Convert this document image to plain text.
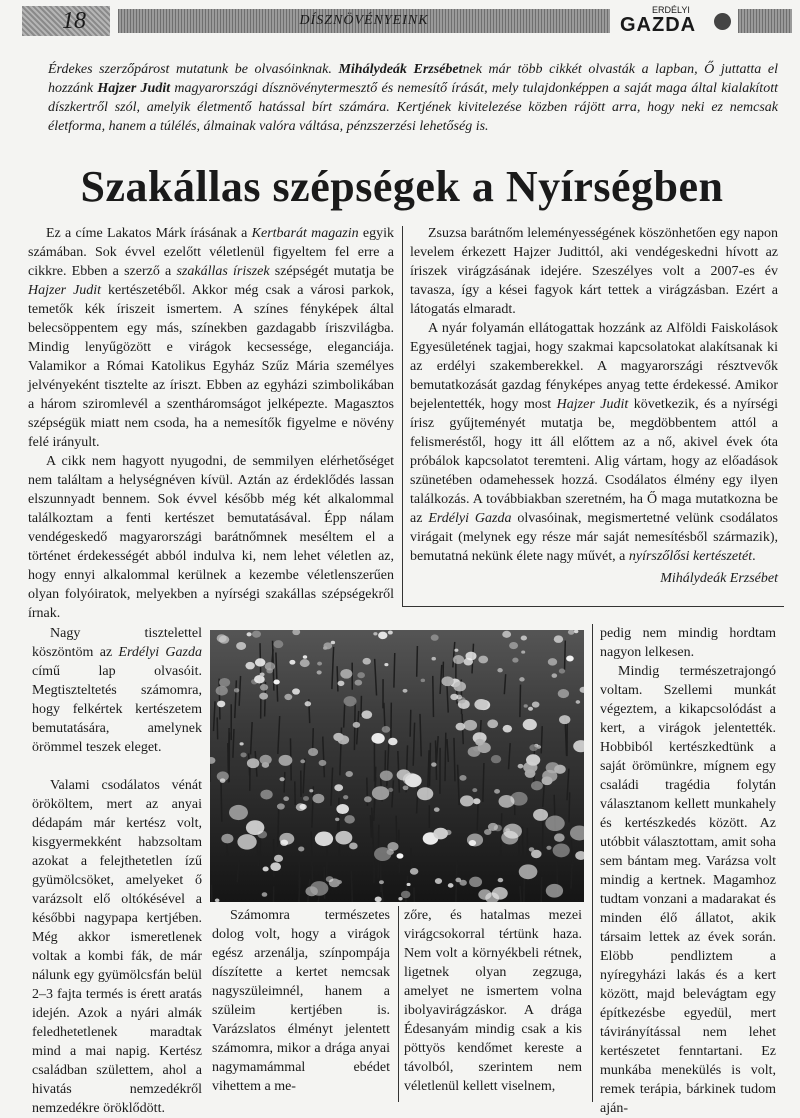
18	DÍSZNÖVÉNYEINK
ERDÉLYI
GAZDA
Érdekes szerzőpárost mutatunk be olvasóinknak. Mihálydeák Erzsébetnek már több cikkét olvasták a lapban, Ő juttatta el hozzánk Hajzer Judit magyarországi dísznövénytermesztő és nemesítő írását, mely tulajdonképpen a saját maga által kialakított díszkertről szól, amelyik életmentő hatással bírt számára. Kertjének kivitelezése közben rájött arra, hogy neki ez nemcsak életforma, hanem a túlélés, álmainak valóra váltása, pénzszerzési lehetőség is.
Szakállas szépségek a Nyírségben

Ez a címe Lakatos Márk írásának a Kertbarát magazin egyik számában. Sok évvel ezelőtt véletlenül figyeltem fel erre a cikkre. Ebben a szerző a szakállas íriszek szépségét mutatja be Hajzer Judit kertészetéből. Akkor még csak a városi parkok, temetők kék íriszeit ismertem. A színes fényképek által belecsöppentem egy más, színekben gazdagabb íriszvilágba. Mindig lenyűgözött e virágok kecsessége, eleganciája. Valamikor a Római Katolikus Egyház Szűz Mária személyes jelvényeként tisztelte az íriszt. Ebben az egyházi szimbolikában a három sziromlevél a szentháromságot jelképezte. Magasztos szépségük miatt nem csoda, ha a nemesítők figyelme e növény felé irányult.

A cikk nem hagyott nyugodni, de semmilyen elérhetőséget nem találtam a helységnéven kívül. Aztán az érdeklődés lassan elszunnyadt bennem. Sok évvel később még két alkalommal találkoztam a fenti kertészet bemutatásával. Épp nálam vendégeskedő magyarországi barátnőmnek meséltem el a történet érdekességét abból indulva ki, nem lehet véletlen az, hogy ennyi alkalommal kerülnek a kezembe véletlenszerűen olyan folyóiratok, melyekben a nyírségi szakállas szépségekről írnak.

Zsuzsa barátnőm leleményességének köszönhetően egy napon levelem érkezett Hajzer Judittól, aki vendégeskedni hívott az íriszek virágzásának idejére. Szeszélyes volt a 2007-es év tavasza, így a kései fagyok kárt tettek a virágzásban. Ezért a látogatás elmaradt.

A nyár folyamán ellátogattak hozzánk az Alföldi Faiskolások Egyesületének tagjai, hogy szakmai kapcsolatokat alakítsanak ki az erdélyi szakemberekkel. A magyarországi résztvevők bemutatkozását gazdag fényképes anyag tette érdekessé. Amikor bejelentették, hogy most Hajzer Judit következik, és a nyírségi írisz gyűjteményét mutatja be, megdöbbentem attól a felismeréstől, hogy itt áll előttem az a nő, akivel évek óta próbálok kapcsolatot teremteni. Alig vártam, hogy az előadások szünetében odamehessek hozzá. Csodálatos élmény egy ilyen találkozás. A továbbiakban szeretném, ha Ő maga mutatkozna be az Erdélyi Gazda olvasóinak, megismertetné velünk csodálatos virágait (melynek egy része már saját nemesítésből származik), bemutatná nekünk élete nagy művét, a nyírszőlősi kertészetét.

Mihálydeák Erzsébet

Nagy tisztelettel köszöntöm az Erdélyi Gazda című lap olvasóit. Megtiszteltetés számomra, hogy felkértek kertészetem bemutatására, amelynek örömmel teszek eleget.

Valami csodálatos vénát örököltem, mert az anyai dédapám már kertész volt, kisgyermekként habzsoltam azokat a felejthetetlen ízű gyümölcsöket, amelyeket ő varázsolt elő oltókésével a későbbi nagypapa kertjében. Még akkor ismeretlenek voltak a kombi fák, de már nálunk egy gyümölcsfán belül 2–3 fajta termés is érett aratás idején. Azok a nyári almák feledhetetlenek maradtak mind a mai napig. Kertész családban születtem, ahol a hivatás nemzedékről nemzedékre öröklődött.

Számomra természetes dolog volt, hogy a virágok egész arzenálja, színpompája díszítette a kertet nemcsak nagyszüleimnél, hanem a szüleim kertjében is. Varázslatos élményt jelentett számomra, mikor a drága anyai nagymamámmal ebédet vihettem a me-

zőre, és hatalmas mezei virágcsokorral tértünk haza. Nem volt a környékbeli rétnek, ligetnek olyan zegzuga, amelyet ne ismertem volna ibolyavirágzáskor. A drága Édesanyám mindig csak a kis pöttyös kendőmet kereste a távolból, szerintem nem véletlenül kellett viselnem,

pedig nem mindig hordtam nagyon lelkesen.

Mindig természetrajongó voltam. Szellemi munkát végeztem, a kikapcsolódást a kert, a virágok jelentették. Hobbiból kertészkedtünk a saját örömünkre, mígnem egy családi tragédia folytán választanom kellett munkahely és kertészkedés között. Az utóbbit választottam, amit soha sem bántam meg. Varázsa volt mindig a kertnek. Magamhoz tudtam vonzani a madarakat és minden élő állatot, akik társaim lettek az évek során. Elöbb pendliztem a nyíregyházi lakás és a kert között, majd belevágtam egy építkezésbe egyedül, mert távirányítással nem lehet kertészetet fenntartani. Ez munkába menekülés is volt, remek terápia, bárkinek tudom aján-
